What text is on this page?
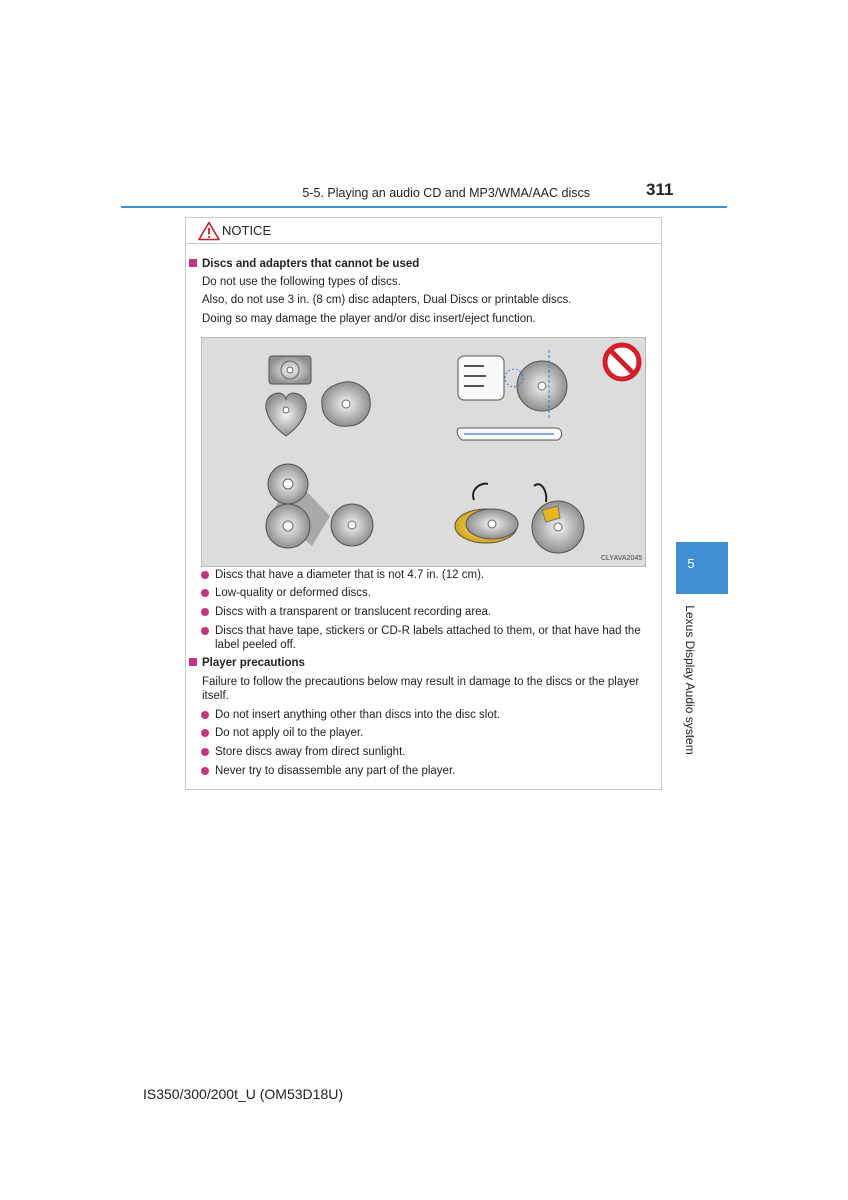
5-5. Playing an audio CD and MP3/WMA/AAC discs	311
NOTICE
Discs and adapters that cannot be used
Do not use the following types of discs.
Also, do not use 3 in. (8 cm) disc adapters, Dual Discs or printable discs.
Doing so may damage the player and/or disc insert/eject function.
CLYAVA2045
Discs that have a diameter that is not 4.7 in. (12 cm).
Low-quality or deformed discs.
Discs with a transparent or translucent recording area.
Discs that have tape, stickers or CD-R labels attached to them, or that have had the label peeled off.
Player precautions
Failure to follow the precautions below may result in damage to the discs or the player itself.
Do not insert anything other than discs into the disc slot.
Do not apply oil to the player.
Store discs away from direct sunlight.
Never try to disassemble any part of the player.
5
Lexus Display Audio system
IS350/300/200t_U (OM53D18U)
